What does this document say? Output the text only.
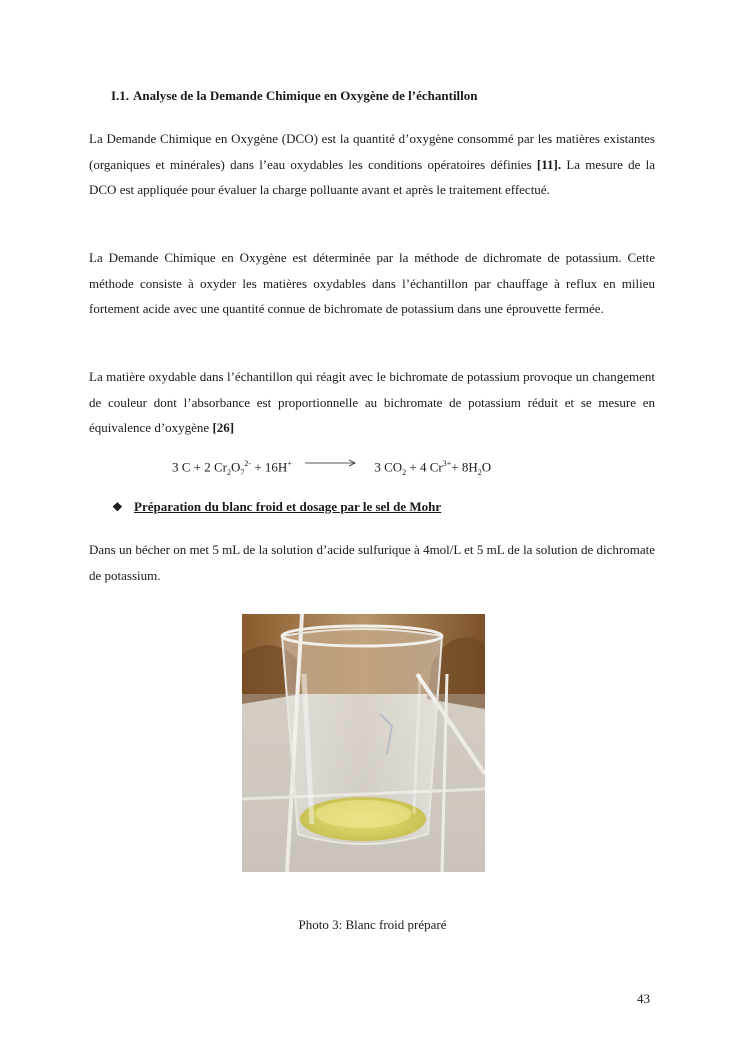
I.1. Analyse de la Demande Chimique en Oxygène de l’échantillon

La Demande Chimique en Oxygène (DCO) est la quantité d’oxygène consommé par les matières existantes (organiques et minérales) dans l’eau oxydables les conditions opératoires définies [11]. La mesure de la DCO est appliquée pour évaluer la charge polluante avant et après le traitement effectué.

La Demande Chimique en Oxygène est déterminée par la méthode de dichromate de potassium. Cette méthode consiste à oxyder les matières oxydables dans l’échantillon par chauffage à reflux en milieu fortement acide avec une quantité connue de bichromate de potassium dans une éprouvette fermée.

La matière oxydable dans l’échantillon qui réagit avec le bichromate de potassium provoque un changement de couleur dont l’absorbance est proportionnelle au bichromate de potassium réduit et se mesure en équivalence d’oxygène [26]

3 C + 2 $Cr_2O_7^{2-} + 16H^+ \to 3$ $CO_2 + 4$ $Cr^{3+}+ 8H_2O$
❖ Préparation du blanc froid et dosage par le sel de Mohr

Dans un bécher on met 5 mL de la solution d’acide sulfurique à 4mol/L et 5 mL de la solution de dichromate de potassium.

Photo 3: Blanc froid préparé
43
